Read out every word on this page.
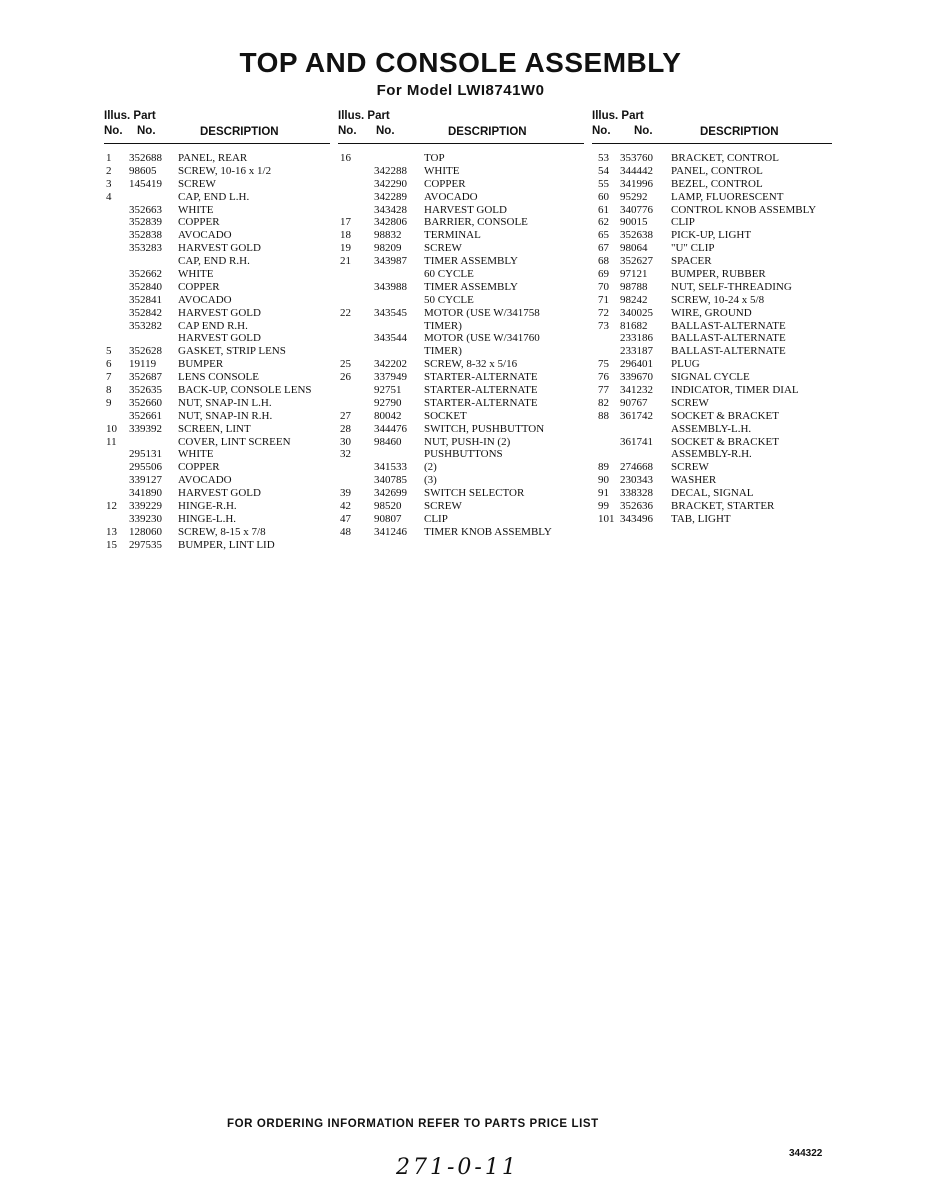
TOP AND CONSOLE ASSEMBLY
For Model LWI8741W0
Illus. Part
No. No.	DESCRIPTION
1 352688 PANEL, REAR
2 98605 SCREW, 10-16 x 1/2
3 145419 SCREW
4	CAP, END L.H.
352663 WHITE
352839 COPPER
352838 AVOCADO
353283 HARVEST GOLD
CAP, END R.H.
352662 WHITE
352840 COPPER
352841 AVOCADO
352842 HARVEST GOLD
353282 CAP END R.H.
HARVEST GOLD
5 352628 GASKET, STRIP LENS
6 19119 BUMPER
7 352687 LENS CONSOLE
8 352635 BACK-UP, CONSOLE LENS
9 352660 NUT, SNAP-IN L.H.
352661 NUT, SNAP-IN R.H.
10 339392 SCREEN, LINT
11	COVER, LINT SCREEN
295131 WHITE
295506 COPPER
339127 AVOCADO
341890 HARVEST GOLD
12 339229 HINGE-R.H.
339230 HINGE-L.H.
13 128060 SCREW, 8-15 x 7/8
15 297535 BUMPER, LINT LID
Illus. Part
No. No.	DESCRIPTION
16	TOP
342288 WHITE
342290 COPPER
342289 AVOCADO
343428 HARVEST GOLD
17 342806 BARRIER, CONSOLE
18 98832 TERMINAL
19 98209 SCREW
21 343987 TIMER ASSEMBLY
60 CYCLE
343988 TIMER ASSEMBLY
50 CYCLE
22 343545 MOTOR (USE W/341758
TIMER)
343544 MOTOR (USE W/341760
TIMER)
25 342202 SCREW, 8-32 x 5/16
26 337949 STARTER-ALTERNATE
92751 STARTER-ALTERNATE
92790 STARTER-ALTERNATE
27 80042 SOCKET
28 344476 SWITCH, PUSHBUTTON
30 98460 NUT, PUSH-IN (2)
32	PUSHBUTTONS
341533 (2)
340785 (3)
39 342699 SWITCH SELECTOR
42 98520 SCREW
47 90807 CLIP
48 341246 TIMER KNOB ASSEMBLY
Illus. Part
No. No.	DESCRIPTION
53 353760 BRACKET, CONTROL
54 344442 PANEL, CONTROL
55 341996 BEZEL, CONTROL
60 95292 LAMP, FLUORESCENT
61 340776 CONTROL KNOB ASSEMBLY
62 90015 CLIP
65 352638 PICK-UP, LIGHT
67 98064 "U" CLIP
68 352627 SPACER
69 97121 BUMPER, RUBBER
70 98788 NUT, SELF-THREADING
71 98242 SCREW, 10-24 x 5/8
72 340025 WIRE, GROUND
73 81682 BALLAST-ALTERNATE
233186 BALLAST-ALTERNATE
233187 BALLAST-ALTERNATE
75 296401 PLUG
76 339670 SIGNAL CYCLE
77 341232 INDICATOR, TIMER DIAL
82 90767 SCREW
88 361742 SOCKET & BRACKET
ASSEMBLY-L.H.
361741 SOCKET & BRACKET
ASSEMBLY-R.H.
89 274668 SCREW
90 230343 WASHER
91 338328 DECAL, SIGNAL
99 352636 BRACKET, STARTER
101 343496 TAB, LIGHT
FOR ORDERING INFORMATION REFER TO PARTS PRICE LIST
344322
271-0-11
